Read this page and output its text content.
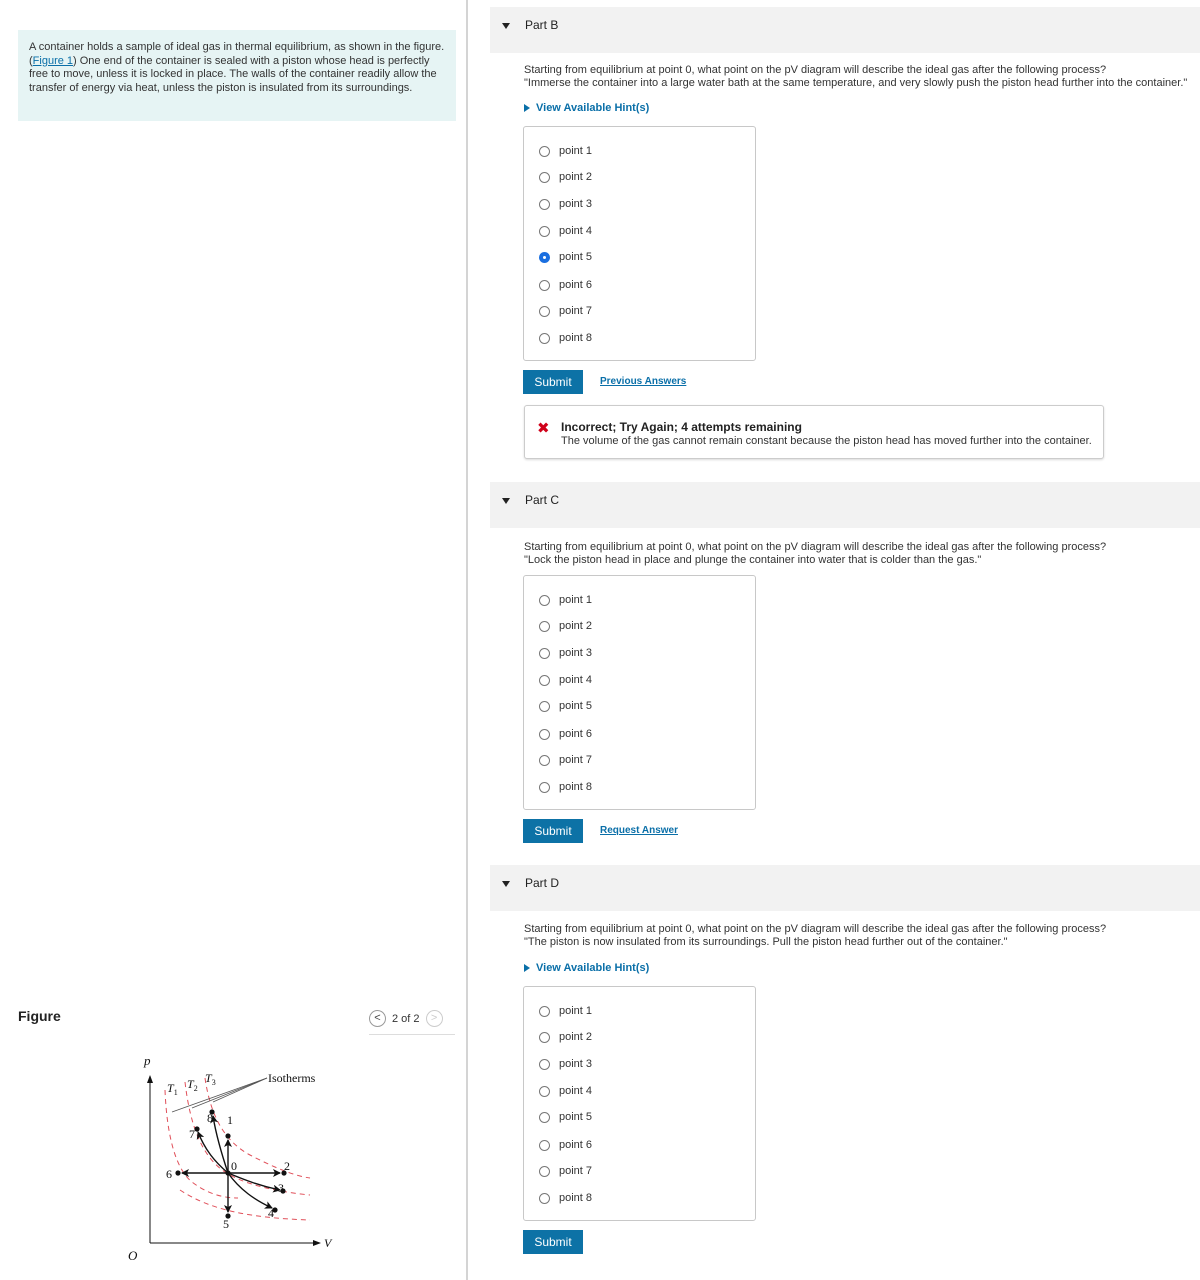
A container holds a sample of ideal gas in thermal equilibrium, as shown in the figure. (Figure 1) One end of the container is sealed with a piston whose head is perfectly free to move, unless it is locked in place. The walls of the container readily allow the transfer of energy via heat, unless the piston is insulated from its surroundings.
Figure	<	2 of 2	>
p
V
O
$T_1$
$T_2$
$T_3$	Isotherms
0
1
2
3
4
5
6
7
8
Part B
Starting from equilibrium at point 0, what point on the pV diagram will describe the ideal gas after the following process?
"Immerse the container into a large water bath at the same temperature, and very slowly push the piston head further into the container."
View Available Hint(s)
point 1
point 2
point 3
point 4
point 5
point 6
point 7
point 8
Submit	Previous Answers
✖ Incorrect; Try Again; 4 attempts remaining
The volume of the gas cannot remain constant because the piston head has moved further into the container.
Part C
Starting from equilibrium at point 0, what point on the pV diagram will describe the ideal gas after the following process?
"Lock the piston head in place and plunge the container into water that is colder than the gas."
point 1
point 2
point 3
point 4
point 5
point 6
point 7
point 8
Submit	Request Answer
Part D
Starting from equilibrium at point 0, what point on the pV diagram will describe the ideal gas after the following process?
"The piston is now insulated from its surroundings. Pull the piston head further out of the container."
View Available Hint(s)
point 1
point 2
point 3
point 4
point 5
point 6
point 7
point 8
Submit
